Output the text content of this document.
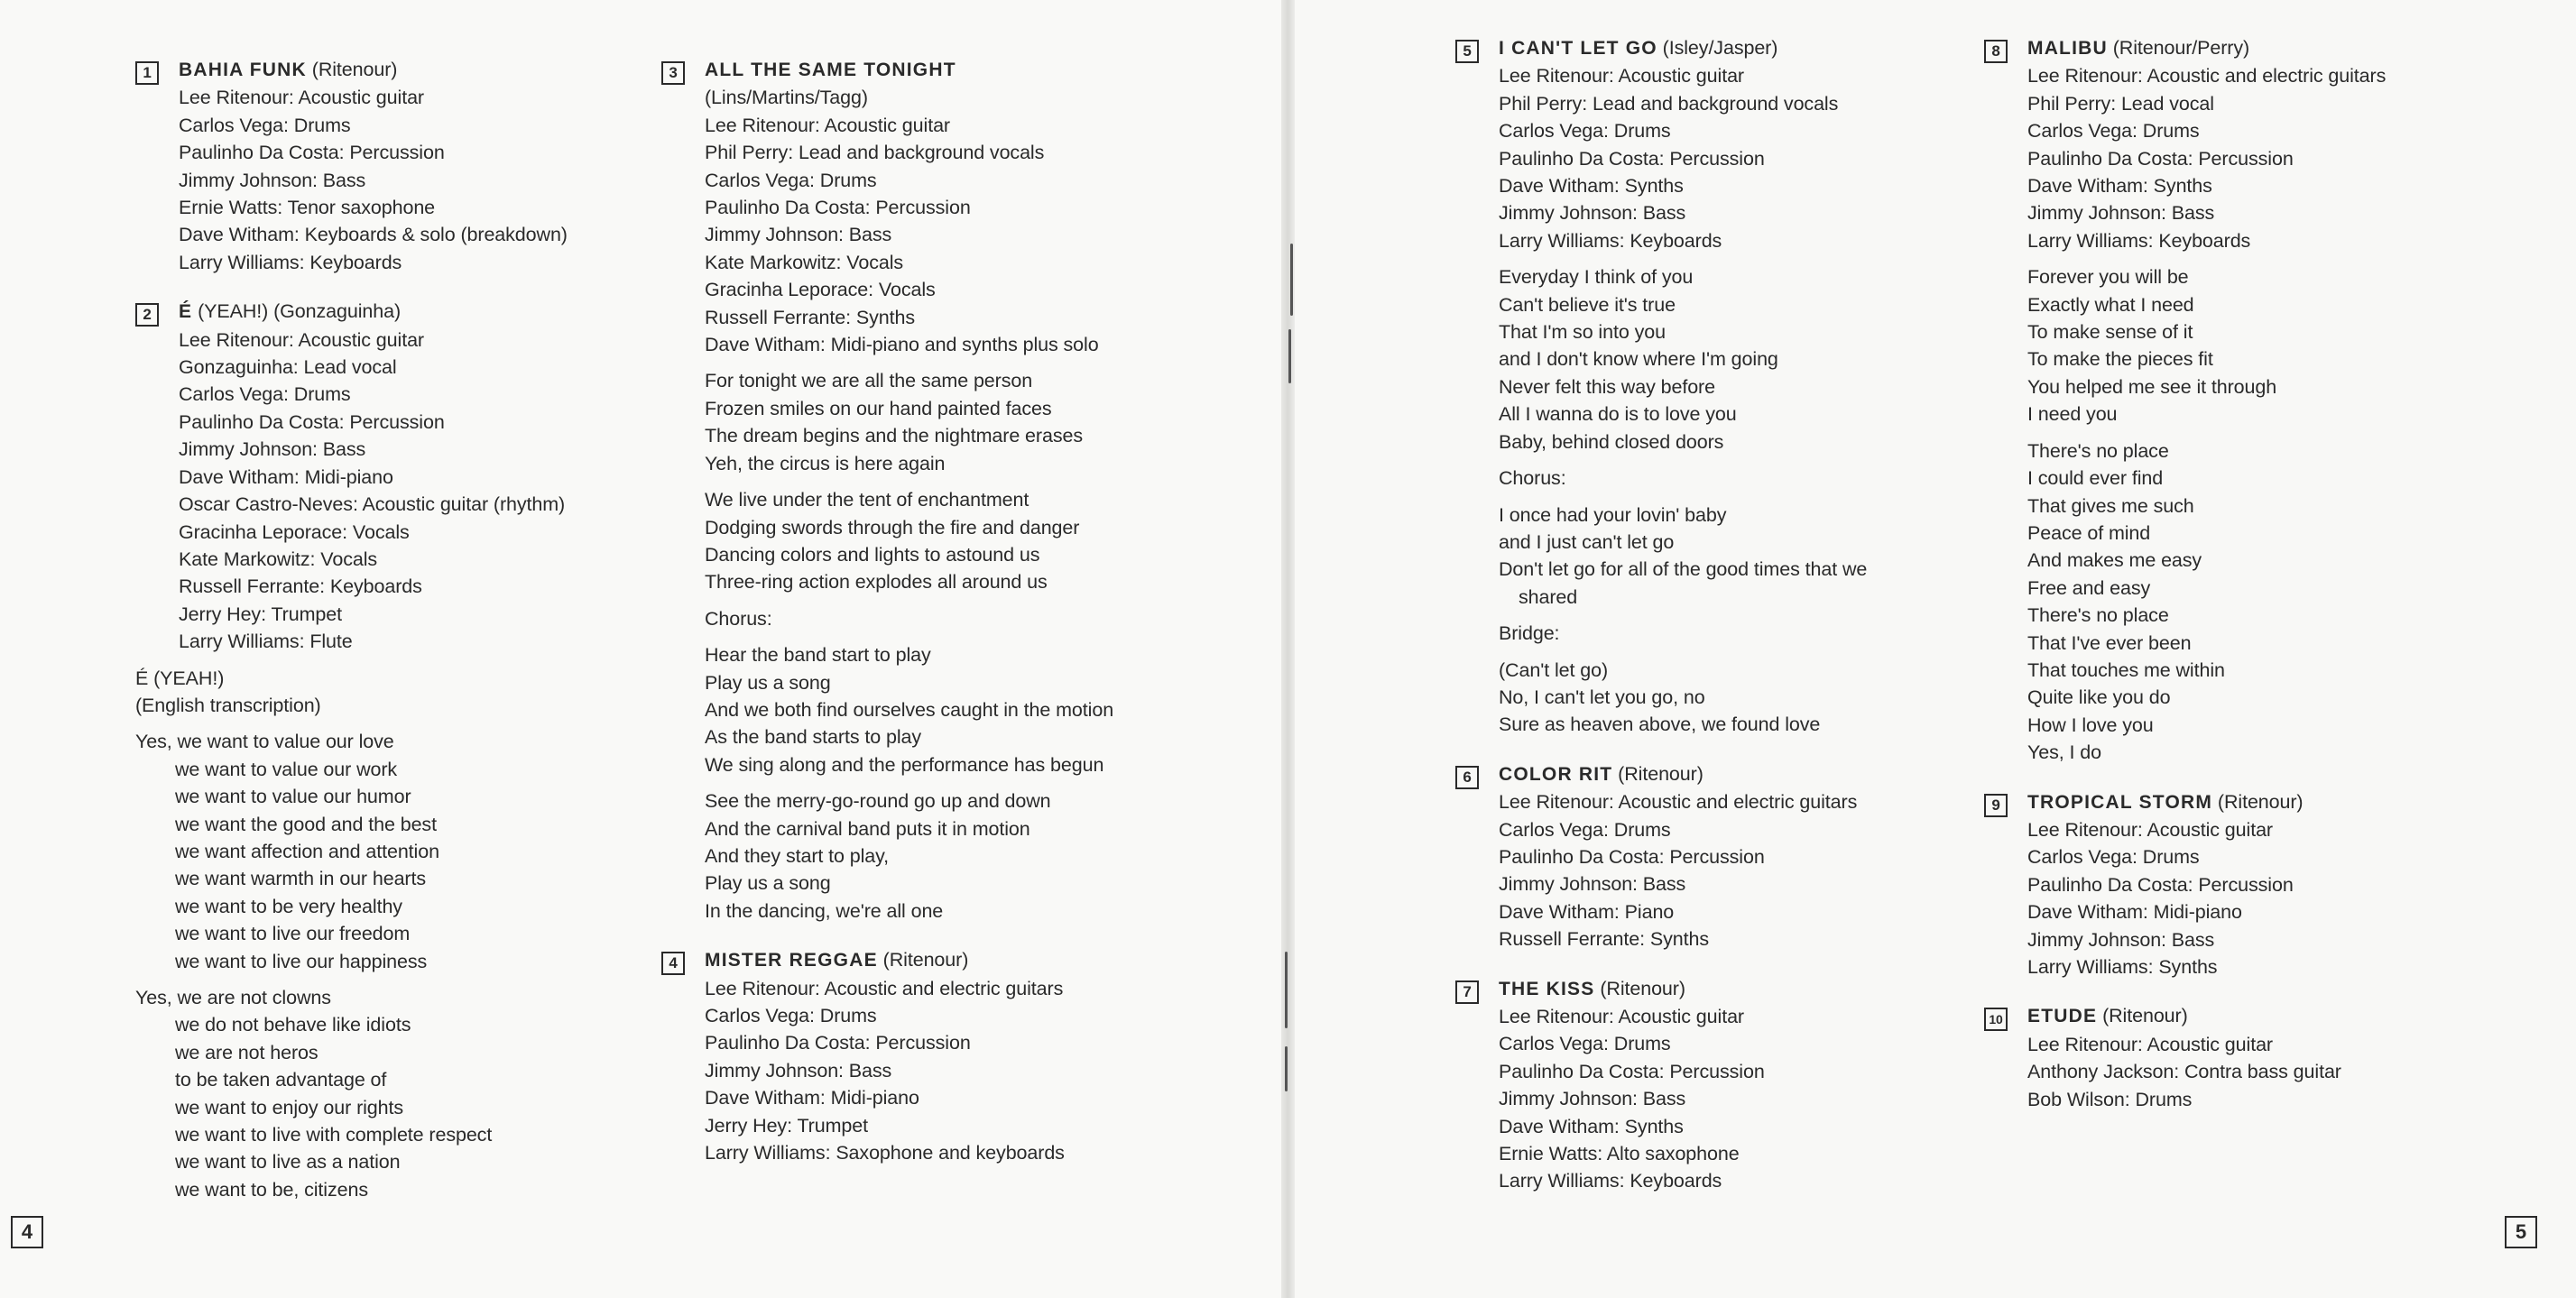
1	BAHIA FUNK (Ritenour)
Lee Ritenour: Acoustic guitar
Carlos Vega: Drums
Paulinho Da Costa: Percussion
Jimmy Johnson: Bass
Ernie Watts: Tenor saxophone
Dave Witham: Keyboards & solo (breakdown)
Larry Williams: Keyboards
2	É (YEAH!) (Gonzaguinha)
Lee Ritenour: Acoustic guitar
Gonzaguinha: Lead vocal
Carlos Vega: Drums
Paulinho Da Costa: Percussion
Jimmy Johnson: Bass
Dave Witham: Midi-piano
Oscar Castro-Neves: Acoustic guitar (rhythm)
Gracinha Leporace: Vocals
Kate Markowitz: Vocals
Russell Ferrante: Keyboards
Jerry Hey: Trumpet
Larry Williams: Flute
É (YEAH!)
(English transcription)
Yes, we want to value our love
we want to value our work
we want to value our humor
we want the good and the best
we want affection and attention
we want warmth in our hearts
we want to be very healthy
we want to live our freedom
we want to live our happiness
Yes, we are not clowns
we do not behave like idiots
we are not heros
to be taken advantage of
we want to enjoy our rights
we want to live with complete respect
we want to live as a nation
we want to be, citizens
3	ALL THE SAME TONIGHT
(Lins/Martins/Tagg)
Lee Ritenour: Acoustic guitar
Phil Perry: Lead and background vocals
Carlos Vega: Drums
Paulinho Da Costa: Percussion
Jimmy Johnson: Bass
Kate Markowitz: Vocals
Gracinha Leporace: Vocals
Russell Ferrante: Synths
Dave Witham: Midi-piano and synths plus solo
For tonight we are all the same person
Frozen smiles on our hand painted faces
The dream begins and the nightmare erases
Yeh, the circus is here again
We live under the tent of enchantment
Dodging swords through the fire and danger
Dancing colors and lights to astound us
Three-ring action explodes all around us
Chorus:
Hear the band start to play
Play us a song
And we both find ourselves caught in the motion
As the band starts to play
We sing along and the performance has begun
See the merry-go-round go up and down
And the carnival band puts it in motion
And they start to play,
Play us a song
In the dancing, we're all one
4	MISTER REGGAE (Ritenour)
Lee Ritenour: Acoustic and electric guitars
Carlos Vega: Drums
Paulinho Da Costa: Percussion
Jimmy Johnson: Bass
Dave Witham: Midi-piano
Jerry Hey: Trumpet
Larry Williams: Saxophone and keyboards
5	I CAN'T LET GO (Isley/Jasper)
Lee Ritenour: Acoustic guitar
Phil Perry: Lead and background vocals
Carlos Vega: Drums
Paulinho Da Costa: Percussion
Dave Witham: Synths
Jimmy Johnson: Bass
Larry Williams: Keyboards
Everyday I think of you
Can't believe it's true
That I'm so into you
and I don't know where I'm going
Never felt this way before
All I wanna do is to love you
Baby, behind closed doors
Chorus:
I once had your lovin' baby
and I just can't let go
Don't let go for all of the good times that we
shared
Bridge:
(Can't let go)
No, I can't let you go, no
Sure as heaven above, we found love
6	COLOR RIT (Ritenour)
Lee Ritenour: Acoustic and electric guitars
Carlos Vega: Drums
Paulinho Da Costa: Percussion
Jimmy Johnson: Bass
Dave Witham: Piano
Russell Ferrante: Synths
7	THE KISS (Ritenour)
Lee Ritenour: Acoustic guitar
Carlos Vega: Drums
Paulinho Da Costa: Percussion
Jimmy Johnson: Bass
Dave Witham: Synths
Ernie Watts: Alto saxophone
Larry Williams: Keyboards
8	MALIBU (Ritenour/Perry)
Lee Ritenour: Acoustic and electric guitars
Phil Perry: Lead vocal
Carlos Vega: Drums
Paulinho Da Costa: Percussion
Dave Witham: Synths
Jimmy Johnson: Bass
Larry Williams: Keyboards
Forever you will be
Exactly what I need
To make sense of it
To make the pieces fit
You helped me see it through
I need you
There's no place
I could ever find
That gives me such
Peace of mind
And makes me easy
Free and easy
There's no place
That I've ever been
That touches me within
Quite like you do
How I love you
Yes, I do
9	TROPICAL STORM (Ritenour)
Lee Ritenour: Acoustic guitar
Carlos Vega: Drums
Paulinho Da Costa: Percussion
Dave Witham: Midi-piano
Jimmy Johnson: Bass
Larry Williams: Synths
10 ETUDE (Ritenour)
Lee Ritenour: Acoustic guitar
Anthony Jackson: Contra bass guitar
Bob Wilson: Drums
4	5
